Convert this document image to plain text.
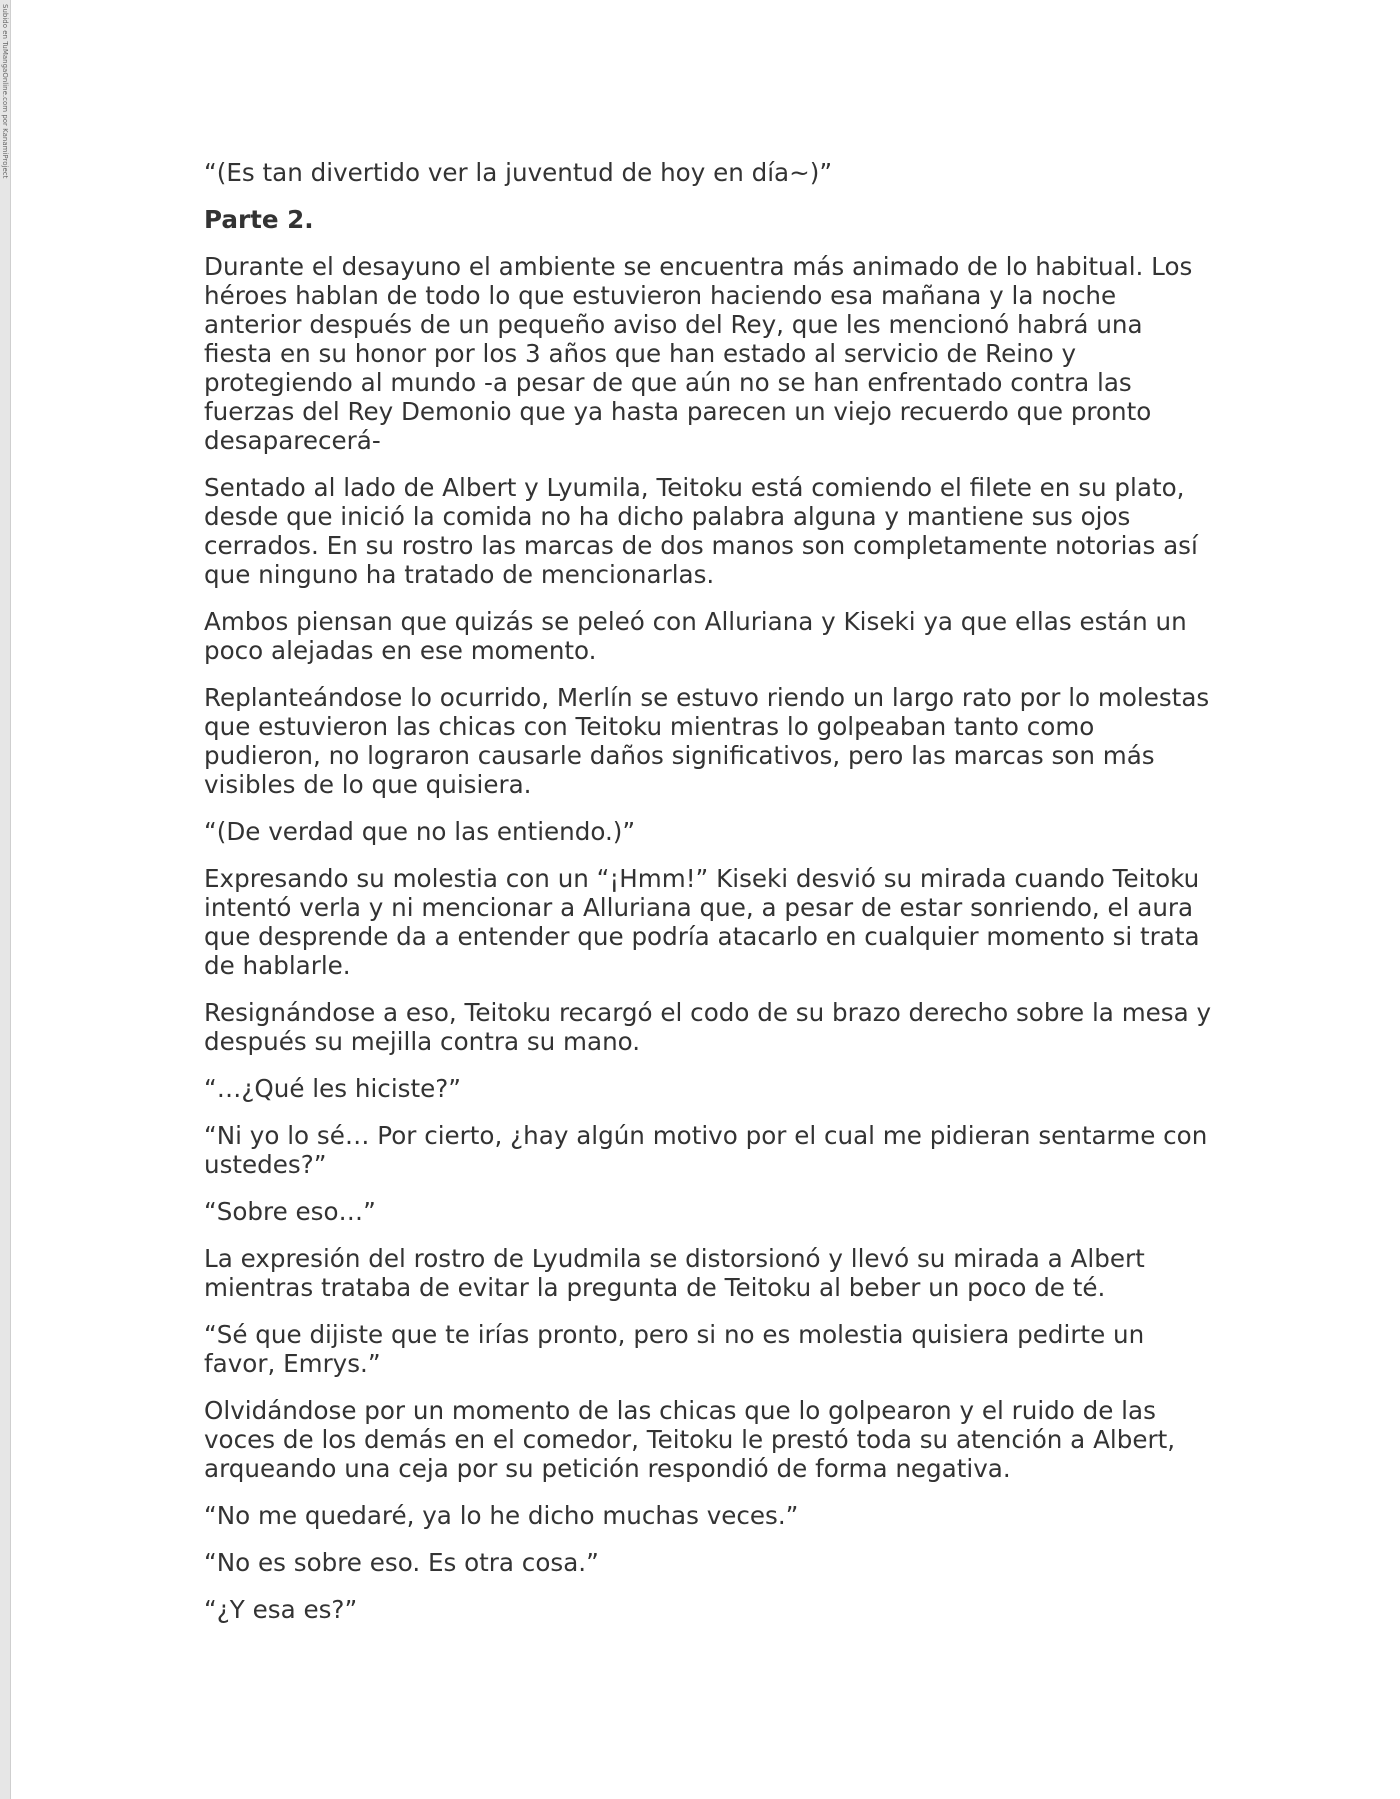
Subido en TuMangaOnline.com por KanamiProject	“(Es tan divertido ver la juventud de hoy en día~)”

Parte 2.

Durante el desayuno el ambiente se encuentra más animado de lo habitual. Los héroes hablan de todo lo que estuvieron haciendo esa mañana y la noche anterior después de un pequeño aviso del Rey, que les mencionó habrá una fiesta en su honor por los 3 años que han estado al servicio de Reino y protegiendo al mundo -a pesar de que aún no se han enfrentado contra las fuerzas del Rey Demonio que ya hasta parecen un viejo recuerdo que pronto desaparecerá-

Sentado al lado de Albert y Lyumila, Teitoku está comiendo el filete en su plato, desde que inició la comida no ha dicho palabra alguna y mantiene sus ojos cerrados. En su rostro las marcas de dos manos son completamente notorias así que ninguno ha tratado de mencionarlas.

Ambos piensan que quizás se peleó con Alluriana y Kiseki ya que ellas están un poco alejadas en ese momento.

Replanteándose lo ocurrido, Merlín se estuvo riendo un largo rato por lo molestas que estuvieron las chicas con Teitoku mientras lo golpeaban tanto como pudieron, no lograron causarle daños significativos, pero las marcas son más visibles de lo que quisiera.

“(De verdad que no las entiendo.)”

Expresando su molestia con un “¡Hmm!” Kiseki desvió su mirada cuando Teitoku intentó verla y ni mencionar a Alluriana que, a pesar de estar sonriendo, el aura que desprende da a entender que podría atacarlo en cualquier momento si trata de hablarle.

Resignándose a eso, Teitoku recargó el codo de su brazo derecho sobre la mesa y después su mejilla contra su mano.

“…¿Qué les hiciste?”

“Ni yo lo sé… Por cierto, ¿hay algún motivo por el cual me pidieran sentarme con ustedes?”

“Sobre eso…”

La expresión del rostro de Lyudmila se distorsionó y llevó su mirada a Albert mientras trataba de evitar la pregunta de Teitoku al beber un poco de té.

“Sé que dijiste que te irías pronto, pero si no es molestia quisiera pedirte un favor, Emrys.”

Olvidándose por un momento de las chicas que lo golpearon y el ruido de las voces de los demás en el comedor, Teitoku le prestó toda su atención a Albert, arqueando una ceja por su petición respondió de forma negativa.

“No me quedaré, ya lo he dicho muchas veces.”

“No es sobre eso. Es otra cosa.”

“¿Y esa es?”
